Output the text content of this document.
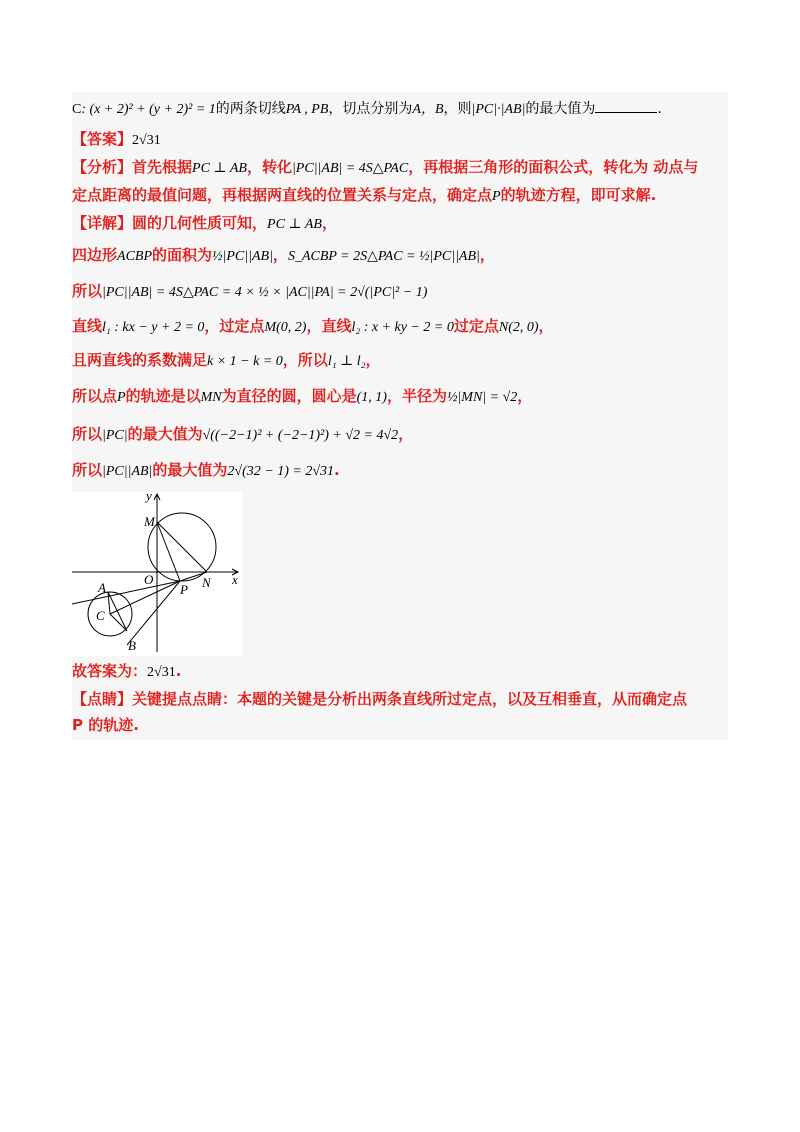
C: (x + 2)² + (y + 2)² = 1的两条切线PA , PB，切点分别为A，B，则|PC|·|AB|的最大值为	.
【答案】2√31
【分析】首先根据PC ⊥ AB，转化|PC||AB| = 4S△PAC，再根据三角形的面积公式，转化为 动点与
定点距离的最值问题，再根据两直线的位置关系与定点，确定点P的轨迹方程，即可求解.
【详解】圆的几何性质可知，PC ⊥ AB，
四边形ACBP的面积为½|PC||AB|，S_ACBP = 2S△PAC = ½|PC||AB|，
所以|PC||AB| = 4S△PAC = 4 × ½ × |AC||PA| = 2√(|PC|² − 1)
直线l₁ : kx − y + 2 = 0，过定点M(0, 2)，直线l₂ : x + ky − 2 = 0过定点N(2, 0)，
且两直线的系数满足k × 1 − k = 0，所以l₁ ⊥ l₂，
所以点P的轨迹是以MN为直径的圆，圆心是(1, 1)，半径为½|MN| = √2，
所以|PC|的最大值为√((−2−1)² + (−2−1)²) + √2 = 4√2，
所以|PC||AB|的最大值为2√(32 − 1) = 2√31.
y
x
M
O
P N
A
C
B
故答案为：2√31.
【点睛】关键提点点睛：本题的关键是分析出两条直线所过定点，以及互相垂直，从而确定点
P 的轨迹.
